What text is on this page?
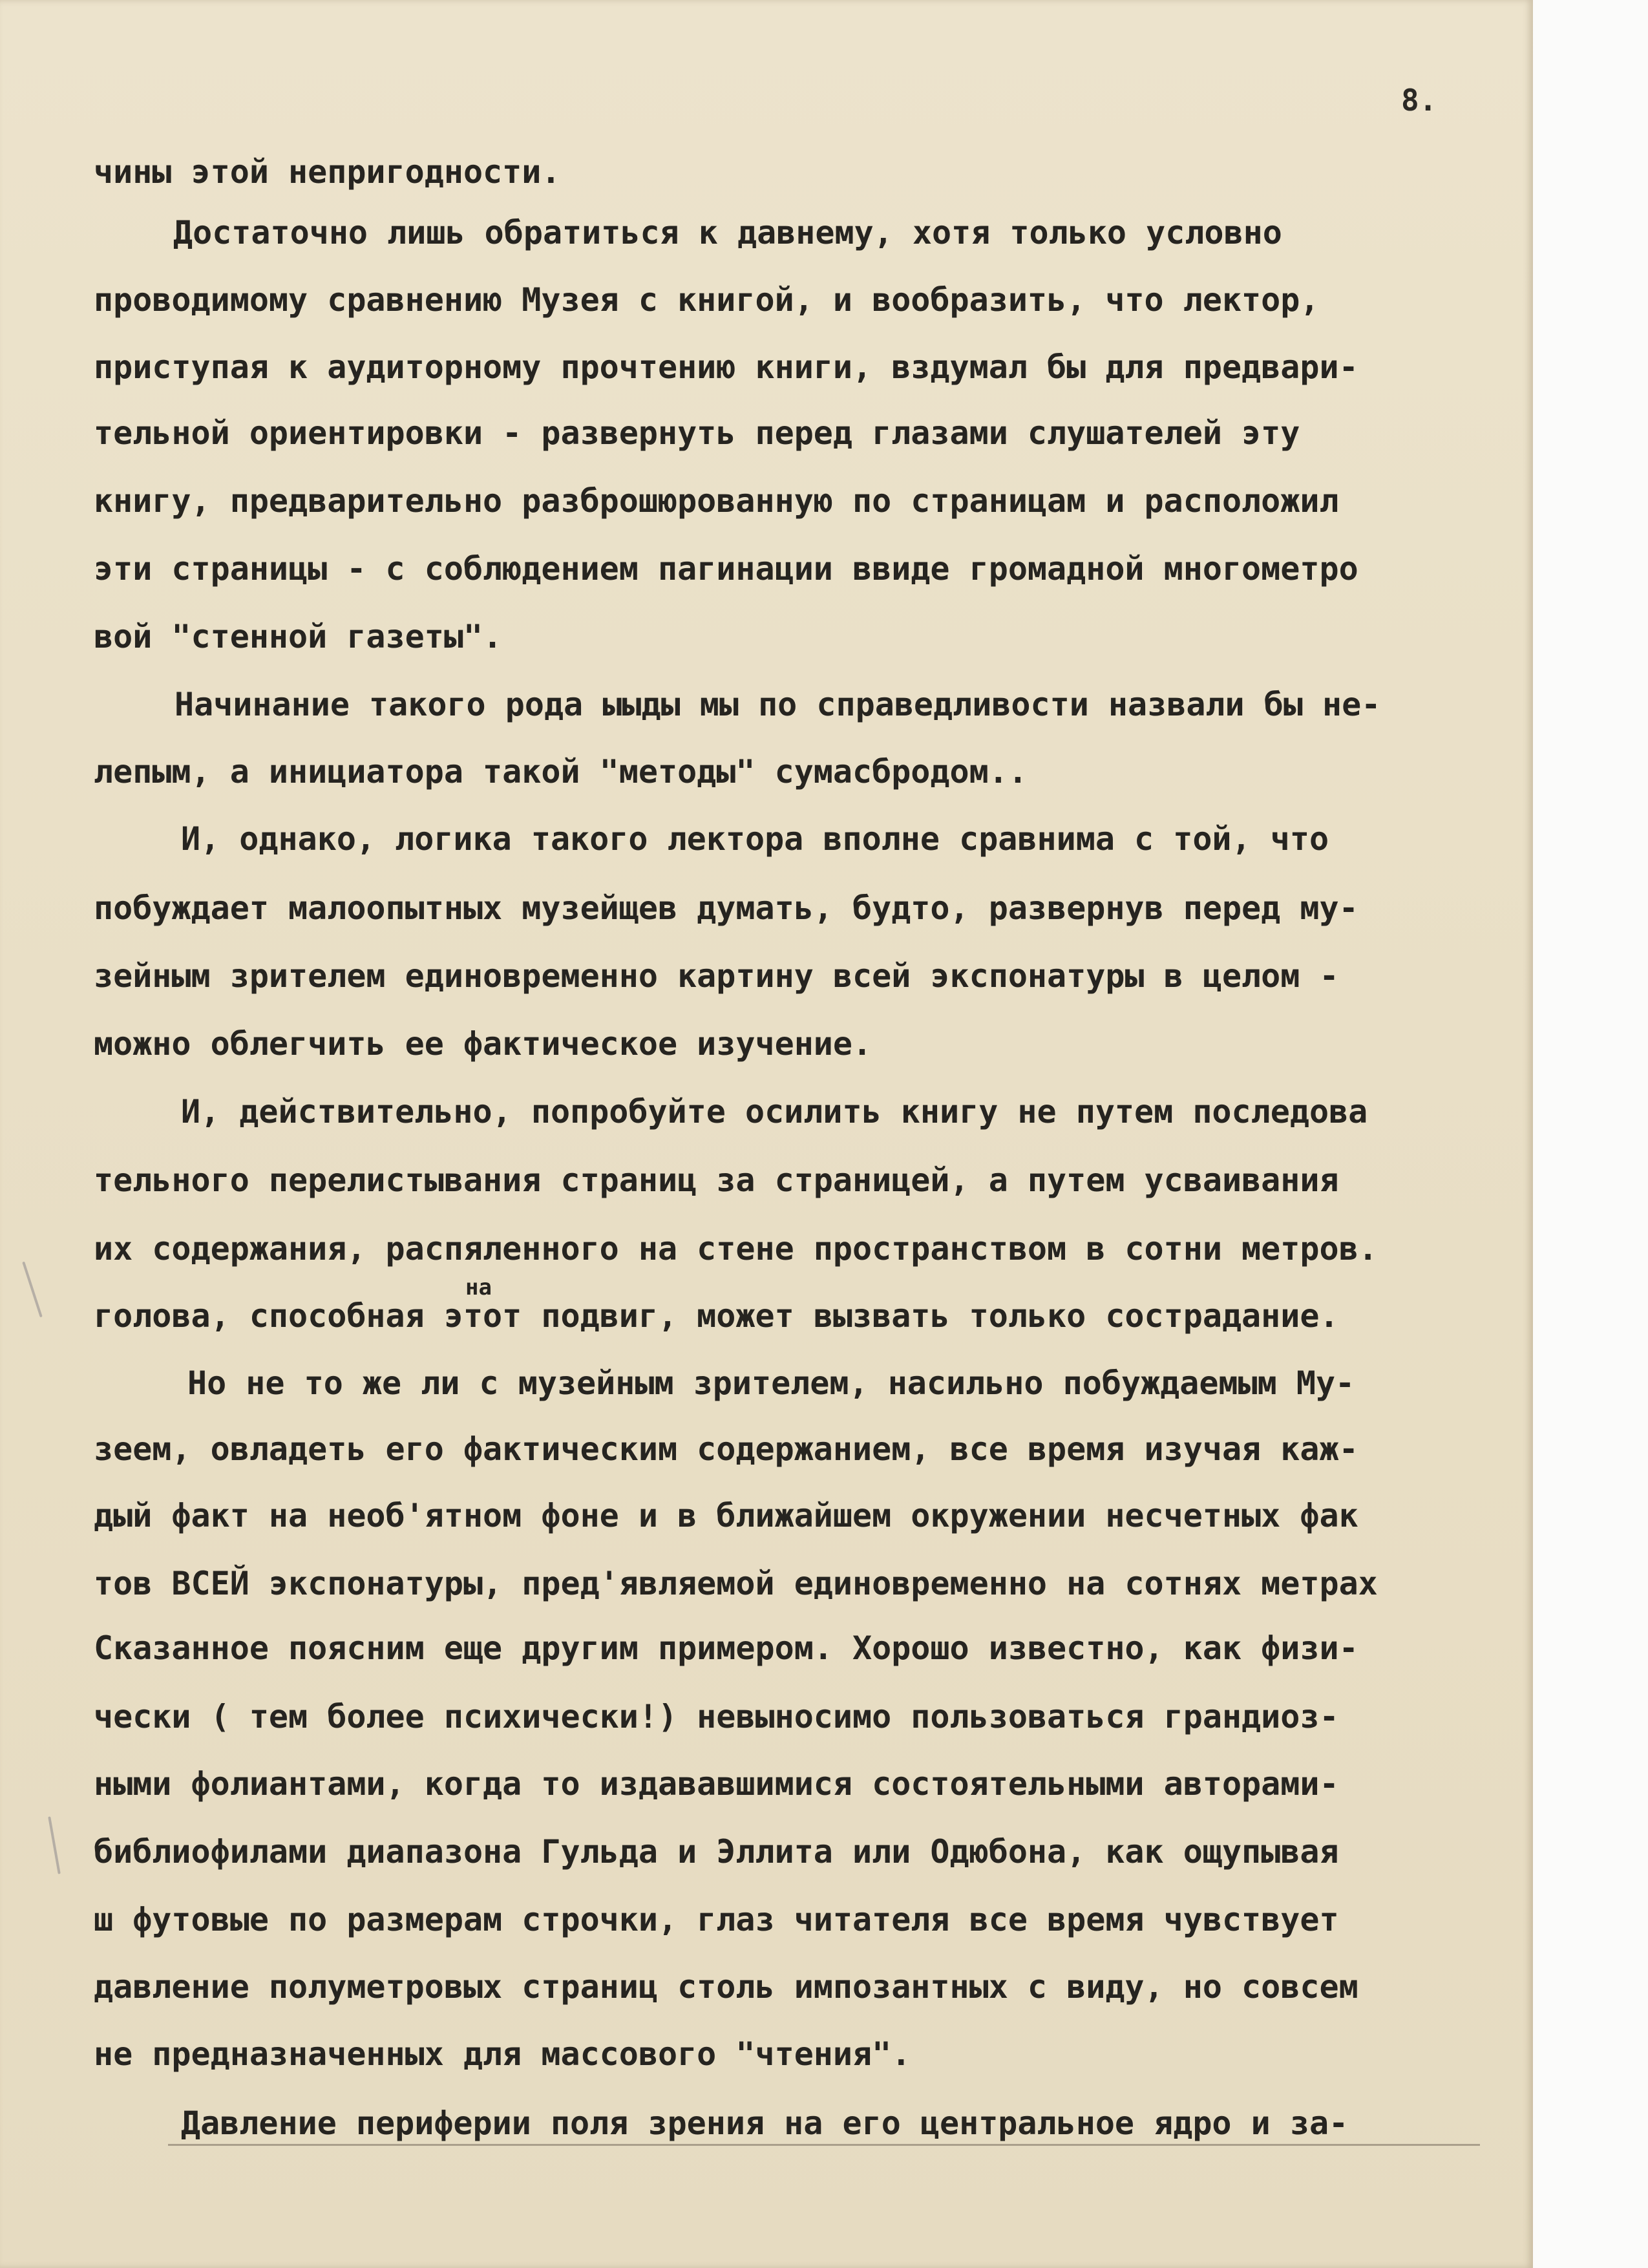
8.
чины этой непригодности.
Достаточно лишь обратиться к давнему, хотя только условно
проводимому сравнению Музея с книгой, и вообразить, что лектор,
приступая к аудиторному прочтению книги, вздумал бы для предвари-
тельной ориентировки - развернуть перед глазами слушателей эту
книгу, предварительно разброшюрованную по страницам и расположил
эти страницы - с соблюдением пагинации ввиде громадной многометро
вой "стенной газеты".
Начинание такого рода ыыды мы по справедливости назвали бы не-
лепым, а инициатора такой "методы" сумасбродом..
И, однако, логика такого лектора вполне сравнима с той, что
побуждает малоопытных музейщев думать, будто, развернув перед му-
зейным зрителем единовременно картину всей экспонатуры в целом -
можно облегчить ее фактическое изучение.
И, действительно, попробуйте осилить книгу не путем последова
тельного перелистывания страниц за страницей, а путем усваивания
их содержания, распяленного на стене пространством в сотни метров.
на
голова, способная этот подвиг, может вызвать только сострадание.
Но не то же ли с музейным зрителем, насильно побуждаемым Му-
зеем, овладеть его фактическим содержанием, все время изучая каж-
дый факт на необ'ятном фоне и в ближайшем окружении несчетных фак
тов ВСЕЙ экспонатуры, пред'являемой единовременно на сотнях метрах
Сказанное поясним еще другим примером. Хорошо известно, как физи-
чески ( тем более психически!) невыносимо пользоваться грандиоз-
ными фолиантами, когда то издававшимися состоятельными авторами-
библиофилами диапазона Гульда и Эллита или Одюбона, как ощупывая
ш футовые по размерам строчки, глаз читателя все время чувствует
давление полуметровых страниц столь импозантных с виду, но совсем
не предназначенных для массового "чтения".
Давление периферии поля зрения на его центральное ядро и за-
